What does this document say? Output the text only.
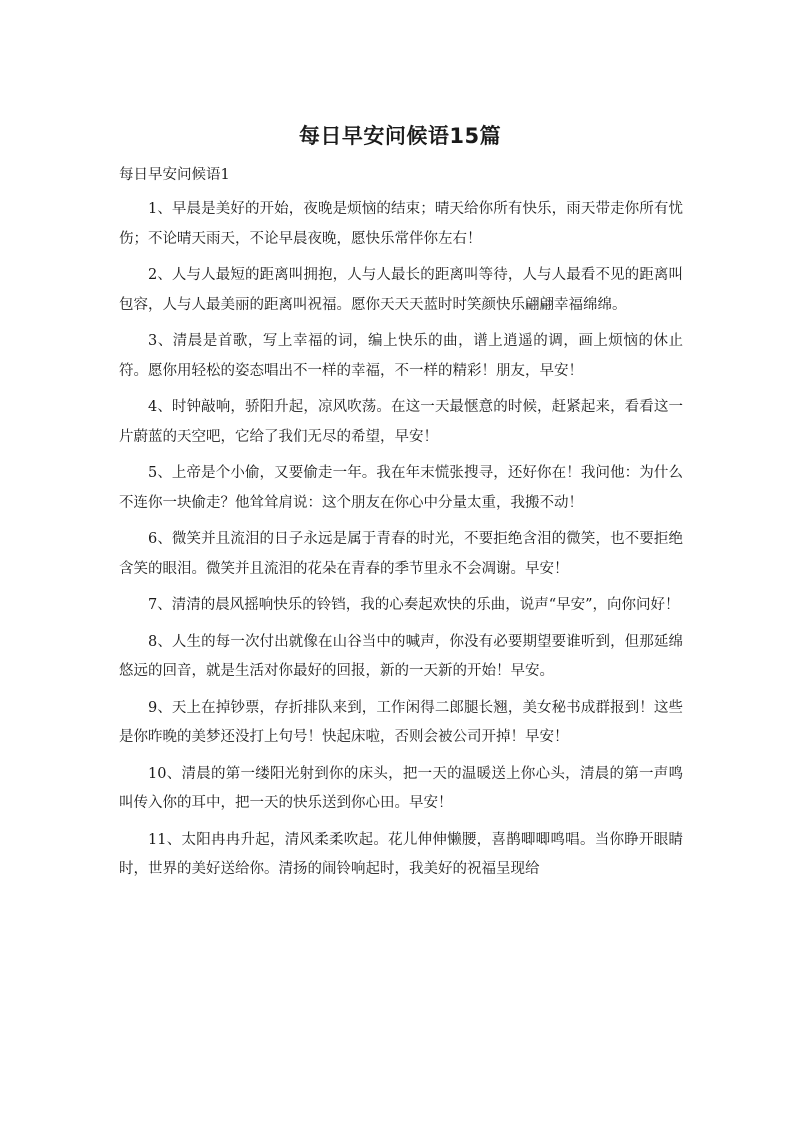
每日早安问候语15篇

每日早安问候语1

1、早晨是美好的开始，夜晚是烦恼的结束；晴天给你所有快乐，雨天带走你所有忧伤；不论晴天雨天，不论早晨夜晚，愿快乐常伴你左右！

2、人与人最短的距离叫拥抱，人与人最长的距离叫等待，人与人最看不见的距离叫包容，人与人最美丽的距离叫祝福。愿你天天天蓝时时笑颜快乐翩翩幸福绵绵。

3、清晨是首歌，写上幸福的词，编上快乐的曲，谱上逍遥的调，画上烦恼的休止符。愿你用轻松的姿态唱出不一样的幸福，不一样的精彩！朋友，早安！

4、时钟敲响，骄阳升起，凉风吹荡。在这一天最惬意的时候，赶紧起来，看看这一片蔚蓝的天空吧，它给了我们无尽的希望，早安！

5、上帝是个小偷，又要偷走一年。我在年末慌张搜寻，还好你在！我问他：为什么不连你一块偷走？他耸耸肩说：这个朋友在你心中分量太重，我搬不动！

6、微笑并且流泪的日子永远是属于青春的时光，不要拒绝含泪的微笑，也不要拒绝含笑的眼泪。微笑并且流泪的花朵在青春的季节里永不会凋谢。早安！

7、清清的晨风摇响快乐的铃铛，我的心奏起欢快的乐曲，说声“早安”，向你问好！

8、人生的每一次付出就像在山谷当中的喊声，你没有必要期望要谁听到，但那延绵悠远的回音，就是生活对你最好的回报，新的一天新的开始！早安。

9、天上在掉钞票，存折排队来到，工作闲得二郎腿长翘，美女秘书成群报到！这些是你昨晚的美梦还没打上句号！快起床啦，否则会被公司开掉！早安！

10、清晨的第一缕阳光射到你的床头，把一天的温暖送上你心头，清晨的第一声鸣叫传入你的耳中，把一天的快乐送到你心田。早安！

11、太阳冉冉升起，清风柔柔吹起。花儿伸伸懒腰，喜鹊唧唧鸣唱。当你睁开眼睛时，世界的美好送给你。清扬的闹铃响起时，我美好的祝福呈现给
